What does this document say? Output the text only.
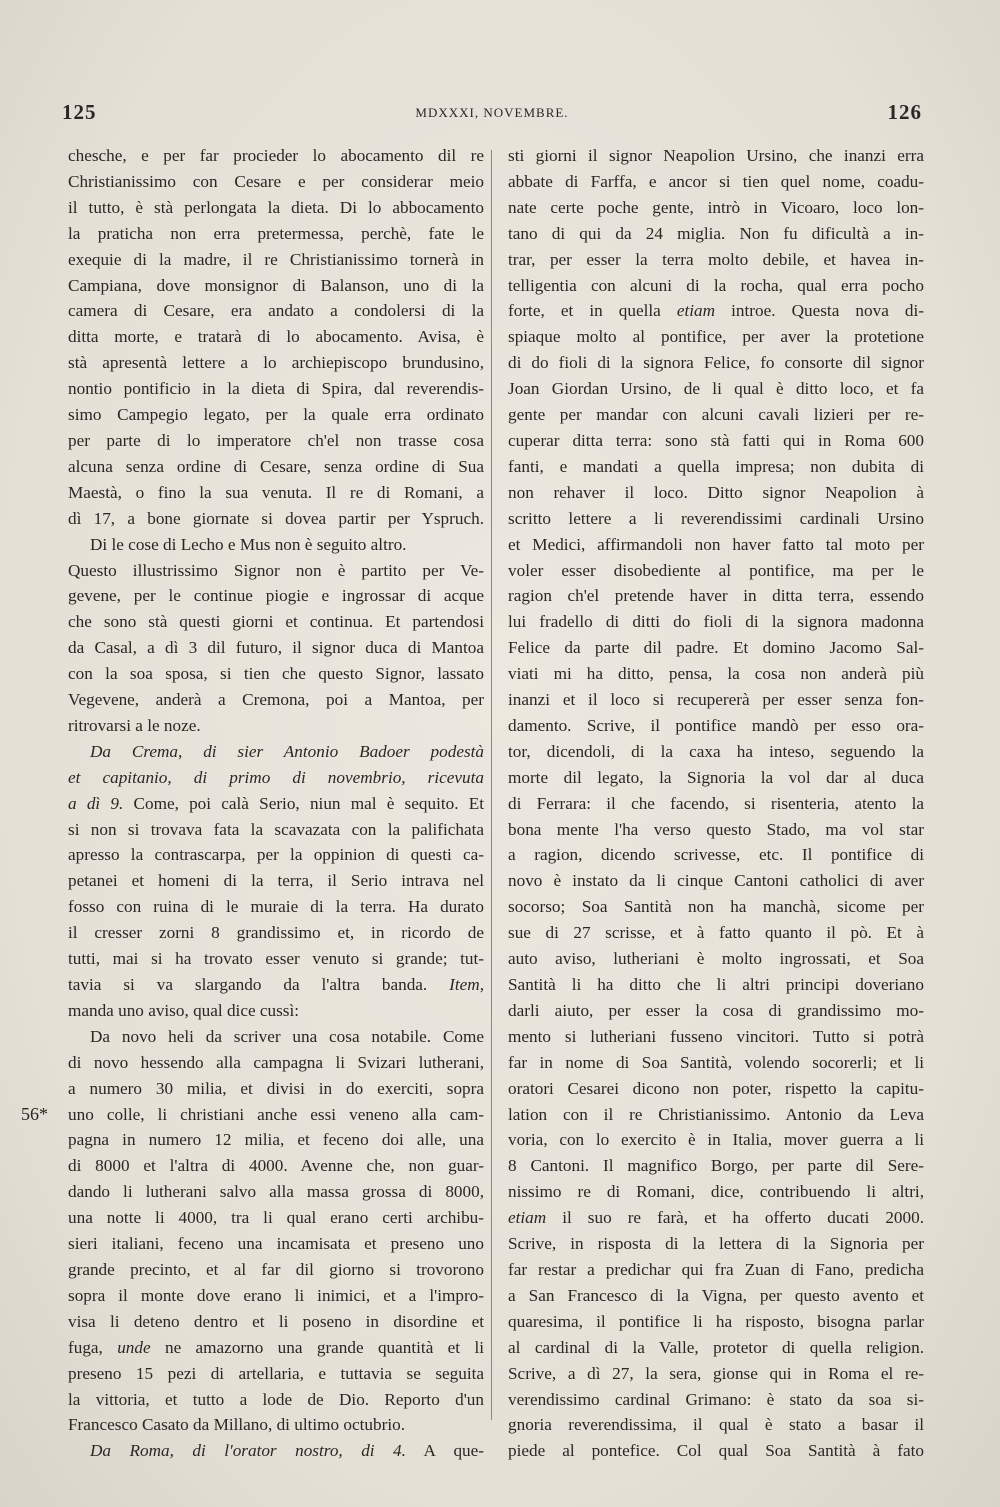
125	MDXXXI, NOVEMBRE.	126
56*
chesche, e per far procieder lo abocamento dil re
Christianissimo con Cesare e per considerar meio
il tutto, è stà perlongata la dieta. Di lo abbocamento
la praticha non erra pretermessa, perchè, fate le
exequie di la madre, il re Christianissimo tornerà in
Campiana, dove monsignor di Balanson, uno di la
camera di Cesare, era andato a condolersi di la
ditta morte, e tratarà di lo abocamento. Avisa, è
stà apresentà lettere a lo archiepiscopo brundusino,
nontio pontificio in la dieta di Spira, dal reverendis-
simo Campegio legato, per la quale erra ordinato
per parte di lo imperatore ch'el non trasse cosa
alcuna senza ordine di Cesare, senza ordine di Sua
Maestà, o fino la sua venuta. Il re di Romani, a
dì 17, a bone giornate si dovea partir per Yspruch.
Di le cose di Lecho e Mus non è seguito altro.
Questo illustrissimo Signor non è partito per Ve-
gevene, per le continue piogie e ingrossar di acque
che sono stà questi giorni et continua. Et partendosi
da Casal, a dì 3 dil futuro, il signor duca di Mantoa
con la soa sposa, si tien che questo Signor, lassato
Vegevene, anderà a Cremona, poi a Mantoa, per
ritrovarsi a le noze.
Da Crema, di sier Antonio Badoer podestà
et capitanio, di primo di novembrio, ricevuta
a dì 9. Come, poi calà Serio, niun mal è sequito. Et
si non si trovava fata la scavazata con la palifichata
apresso la contrascarpa, per la oppinion di questi ca-
petanei et homeni di la terra, il Serio intrava nel
fosso con ruina di le muraie di la terra. Ha durato
il cresser zorni 8 grandissimo et, in ricordo de
tutti, mai si ha trovato esser venuto si grande; tut-
tavia si va slargando da l'altra banda. Item,
manda uno aviso, qual dice cussì:
Da novo heli da scriver una cosa notabile. Come
di novo hessendo alla campagna li Svizari lutherani,
a numero 30 milia, et divisi in do exerciti, sopra
uno colle, li christiani anche essi veneno alla cam-
pagna in numero 12 milia, et feceno doi alle, una
di 8000 et l'altra di 4000. Avenne che, non guar-
dando li lutherani salvo alla massa grossa di 8000,
una notte li 4000, tra li qual erano certi archibu-
sieri italiani, feceno una incamisata et preseno uno
grande precinto, et al far dil giorno si trovorono
sopra il monte dove erano li inimici, et a l'impro-
visa li deteno dentro et li poseno in disordine et
fuga, unde ne amazorno una grande quantità et li
preseno 15 pezi di artellaria, e tuttavia se seguita
la vittoria, et tutto a lode de Dio. Reporto d'un
Francesco Casato da Millano, di ultimo octubrio.
Da Roma, di l'orator nostro, di 4. A que-
sti giorni il signor Neapolion Ursino, che inanzi erra
abbate di Farffa, e ancor si tien quel nome, coadu-
nate certe poche gente, intrò in Vicoaro, loco lon-
tano di qui da 24 miglia. Non fu dificultà a in-
trar, per esser la terra molto debile, et havea in-
telligentia con alcuni di la rocha, qual erra pocho
forte, et in quella etiam introe. Questa nova di-
spiaque molto al pontifice, per aver la protetione
di do fioli di la signora Felice, fo consorte dil signor
Joan Giordan Ursino, de li qual è ditto loco, et fa
gente per mandar con alcuni cavali lizieri per re-
cuperar ditta terra: sono stà fatti qui in Roma 600
fanti, e mandati a quella impresa; non dubita di
non rehaver il loco. Ditto signor Neapolion à
scritto lettere a li reverendissimi cardinali Ursino
et Medici, affirmandoli non haver fatto tal moto per
voler esser disobediente al pontifice, ma per le
ragion ch'el pretende haver in ditta terra, essendo
lui fradello di ditti do fioli di la signora madonna
Felice da parte dil padre. Et domino Jacomo Sal-
viati mi ha ditto, pensa, la cosa non anderà più
inanzi et il loco si recupererà per esser senza fon-
damento. Scrive, il pontifice mandò per esso ora-
tor, dicendoli, di la caxa ha inteso, seguendo la
morte dil legato, la Signoria la vol dar al duca
di Ferrara: il che facendo, si risenteria, atento la
bona mente l'ha verso questo Stado, ma vol star
a ragion, dicendo scrivesse, etc. Il pontifice di
novo è instato da li cinque Cantoni catholici di aver
socorso; Soa Santità non ha manchà, sicome per
sue di 27 scrisse, et à fatto quanto il pò. Et à
auto aviso, lutheriani è molto ingrossati, et Soa
Santità li ha ditto che li altri principi doveriano
darli aiuto, per esser la cosa di grandissimo mo-
mento si lutheriani fusseno vincitori. Tutto si potrà
far in nome di Soa Santità, volendo socorerli; et li
oratori Cesarei dicono non poter, rispetto la capitu-
lation con il re Christianissimo. Antonio da Leva
voria, con lo exercito è in Italia, mover guerra a li
8 Cantoni. Il magnifico Borgo, per parte dil Sere-
nissimo re di Romani, dice, contribuendo li altri,
etiam il suo re farà, et ha offerto ducati 2000.
Scrive, in risposta di la lettera di la Signoria per
far restar a predichar qui fra Zuan di Fano, predicha
a San Francesco di la Vigna, per questo avento et
quaresima, il pontifice li ha risposto, bisogna parlar
al cardinal di la Valle, protetor di quella religion.
Scrive, a dì 27, la sera, gionse qui in Roma el re-
verendissimo cardinal Grimano: è stato da soa si-
gnoria reverendissima, il qual è stato a basar il
piede al pontefice. Col qual Soa Santità à fato
